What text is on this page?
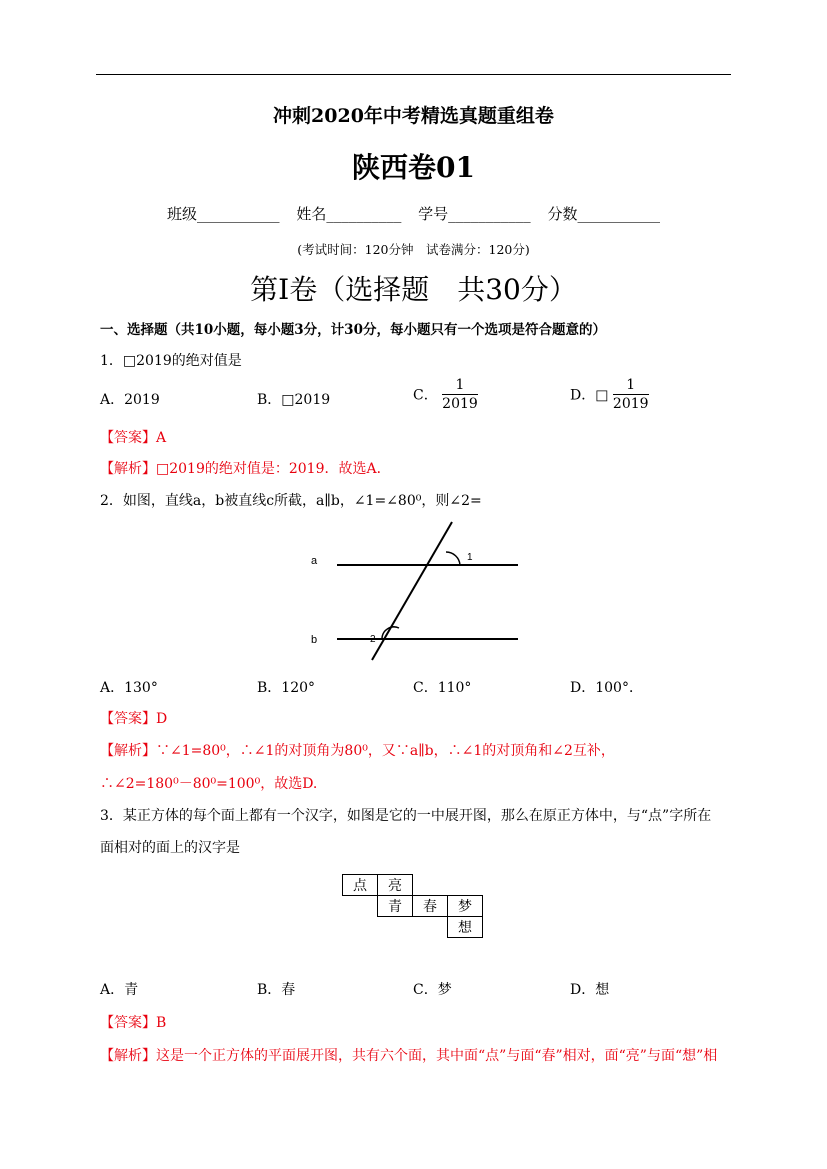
冲刺2020年中考精选真题重组卷
陕西卷01
班级___________ 姓名__________ 学号___________ 分数___________
(考试时间：120分钟　试卷满分：120分)
第Ⅰ卷（选择题　共30分）
一、选择题（共10小题，每小题3分，计30分，每小题只有一个选项是符合题意的）
1．□2019的绝对值是
A．2019	B．□2019	C． $\frac{1}{2019}$	D．□ $\frac{1}{2019}$
【答案】A
【解析】□2019的绝对值是：2019．故选A．
2．如图，直线a，b被直线c所截，a∥b，∠1=∠80⁰，则∠2=
a
b
1
2
A．130°	B．120°	C．110°	D．100°．
【答案】D
【解析】∵∠1=80⁰，∴∠1的对顶角为80⁰，又∵a∥b，∴∠1的对顶角和∠2互补，
∴∠2=180⁰－80⁰=100⁰，故选D.
3．某正方体的每个面上都有一个汉字，如图是它的一中展开图，那么在原正方体中，与“点”字所在
面相对的面上的汉字是
点	亮		
	青	春	梦
			想
A．青	B．春	C．梦	D．想
【答案】B
【解析】这是一个正方体的平面展开图，共有六个面，其中面“点”与面“春”相对，面“亮”与面“想”相
